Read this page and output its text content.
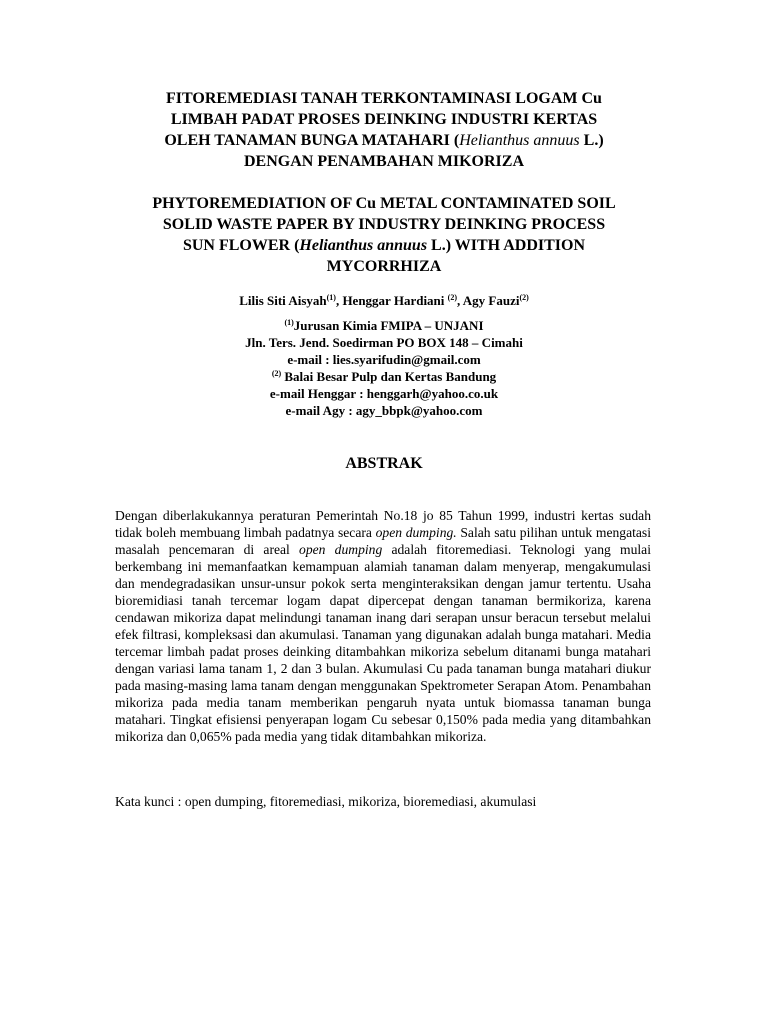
FITOREMEDIASI TANAH TERKONTAMINASI LOGAM Cu
LIMBAH PADAT PROSES DEINKING INDUSTRI KERTAS
OLEH TANAMAN BUNGA MATAHARI (Helianthus annuus L.)
DENGAN PENAMBAHAN MIKORIZA
PHYTOREMEDIATION OF Cu METAL CONTAMINATED SOIL
SOLID WASTE PAPER BY INDUSTRY DEINKING PROCESS
SUN FLOWER (Helianthus annuus L.) WITH ADDITION
MYCORRHIZA
Lilis Siti Aisyah$^{(1)}$, Henggar Hardiani $^{(2)}$, Agy Fauzi$^{(2)}$
$^{(1)}$Jurusan Kimia FMIPA – UNJANI
Jln. Ters. Jend. Soedirman PO BOX 148 – Cimahi
e-mail : lies.syarifudin@gmail.com
$^{(2)}$ Balai Besar Pulp dan Kertas Bandung
e-mail Henggar : henggarh@yahoo.co.uk
e-mail Agy : agy_bbpk@yahoo.com
ABSTRAK

Dengan diberlakukannya peraturan Pemerintah No.18 jo 85 Tahun 1999, industri kertas sudah tidak boleh membuang limbah padatnya secara open dumping. Salah satu pilihan untuk mengatasi masalah pencemaran di areal open dumping adalah fitoremediasi. Teknologi yang mulai berkembang ini memanfaatkan kemampuan alamiah tanaman dalam menyerap, mengakumulasi dan mendegradasikan unsur-unsur pokok serta menginteraksikan dengan jamur tertentu. Usaha bioremidiasi tanah tercemar logam dapat dipercepat dengan tanaman bermikoriza, karena cendawan mikoriza dapat melindungi tanaman inang dari serapan unsur beracun tersebut melalui efek filtrasi, kompleksasi dan akumulasi. Tanaman yang digunakan adalah bunga matahari. Media tercemar limbah padat proses deinking ditambahkan mikoriza sebelum ditanami bunga matahari dengan variasi lama tanam 1, 2 dan 3 bulan. Akumulasi Cu pada tanaman bunga matahari diukur pada masing-masing lama tanam dengan menggunakan Spektrometer Serapan Atom. Penambahan mikoriza pada media tanam memberikan pengaruh nyata untuk biomassa tanaman bunga matahari. Tingkat efisiensi penyerapan logam Cu sebesar 0,150% pada media yang ditambahkan mikoriza dan 0,065% pada media yang tidak ditambahkan mikoriza.

Kata kunci : open dumping, fitoremediasi, mikoriza, bioremediasi, akumulasi
